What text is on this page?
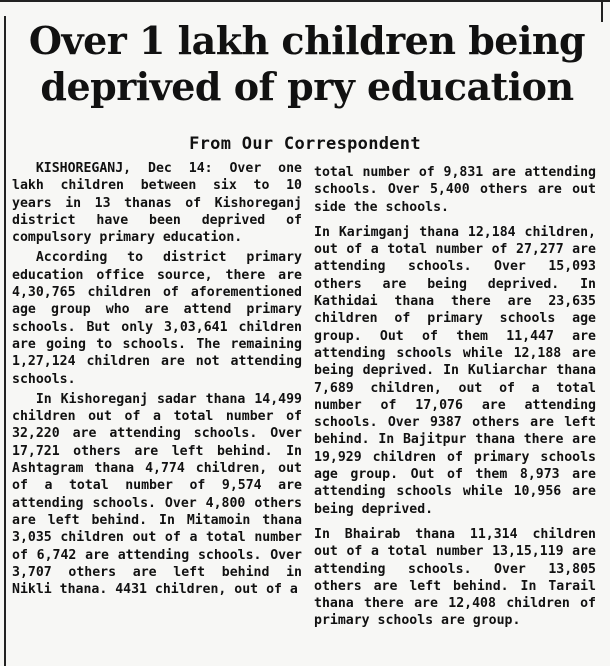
Over 1 lakh children being deprived of pry education
From Our Correspondent

KISHOREGANJ, Dec 14: Over one lakh children between six to 10 years in 13 thanas of Kishoreganj district have been deprived of compulsory primary education.

According to district primary education office source, there are 4,30,765 children of aforementioned age group who are attend primary schools. But only 3,03,641 children are going to schools. The remaining 1,27,124 children are not attending schools.

In Kishoreganj sadar thana 14,499 children out of a total number of 32,220 are attending schools. Over 17,721 others are left behind. In Ashtagram thana 4,774 children, out of a total number of 9,574 are attending schools. Over 4,800 others are left behind. In Mitamoin thana 3,035 children out of a total number of 6,742 are attending schools. Over 3,707 others are left behind in Nikli thana. 4431 children, out of a

total number of 9,831 are attending schools. Over 5,400 others are out side the schools.

In Karimganj thana 12,184 children, out of a total number of 27,277 are attending schools. Over 15,093 others are being deprived. In Kathidai thana there are 23,635 children of primary schools age group. Out of them 11,447 are attending schools while 12,188 are being deprived. In Kuliarchar thana 7,689 children, out of a total number of 17,076 are attending schools. Over 9387 others are left behind. In Bajitpur thana there are 19,929 children of primary schools age group. Out of them 8,973 are attending schools while 10,956 are being deprived.

In Bhairab thana 11,314 children out of a total number 13,15,119 are attending schools. Over 13,805 others are left behind. In Tarail thana there are 12,408 children of primary schools are group.
